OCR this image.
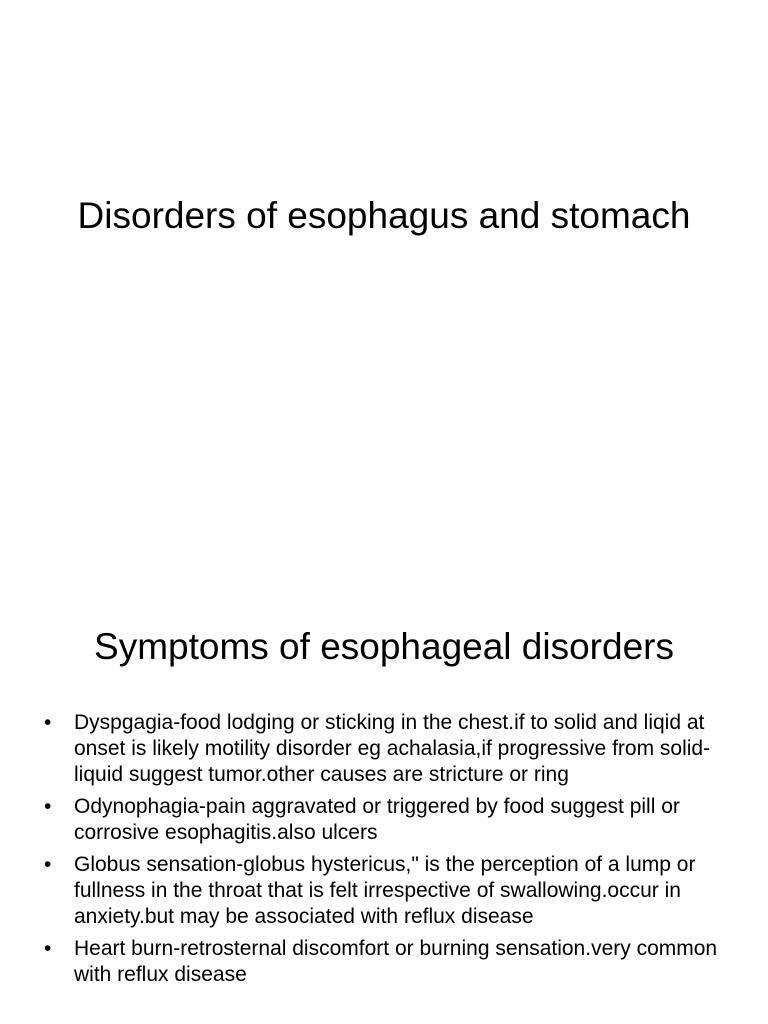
Disorders of esophagus and stomach
Symptoms of esophageal disorders
• Dyspgagia-food lodging or sticking in the chest.if to solid and liqid at onset is likely motility disorder eg achalasia,if progressive from solid-liquid suggest tumor.other causes are stricture or ring
• Odynophagia-pain aggravated or triggered by food suggest pill or corrosive esophagitis.also ulcers
• Globus sensation-globus hystericus," is the perception of a lump or fullness in the throat that is felt irrespective of swallowing.occur in anxiety.but may be associated with reflux disease
• Heart burn-retrosternal discomfort or burning sensation.very common with reflux disease
